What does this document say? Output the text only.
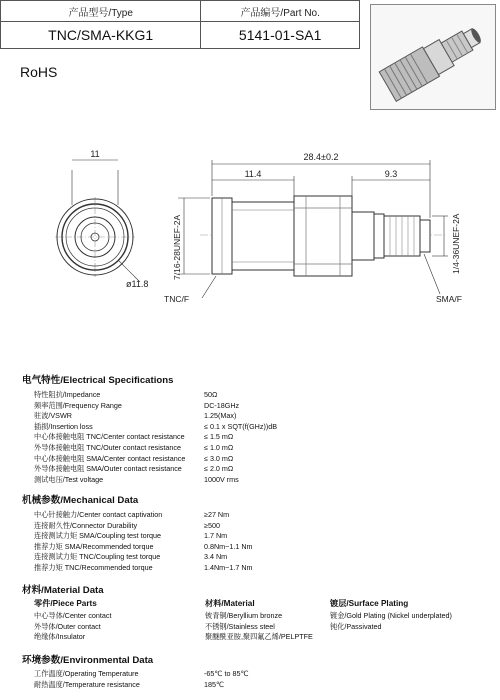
产品型号/Type	产品编号/Part No.
TNC/SMA-KKG1	5141-01-SA1
RoHS
11
ø11.8
28.4±0.2
11.4	9.3
7/16-28UNEF-2A	1/4-36UNEF-2A
TNC/F	SMA/F
电气特性/Electrical Specifications
特性阻抗/Impedance	50Ω
频率范围/Frequency Range	DC-18GHz
驻波/VSWR	1.25(Max)
插损/Insertion loss	≤ 0.1 x SQT(f(GHz))dB
中心体接触电阻 TNC/Center contact resistance	≤ 1.5 mΩ
外导体接触电阻 TNC/Outer contact resistance	≤ 1.0 mΩ
中心体接触电阻 SMA/Center contact resistance	≤ 3.0 mΩ
外导体接触电阻 SMA/Outer contact resistance	≤ 2.0 mΩ
测试电压/Test voltage	1000V rms
机械参数/Mechanical Data
中心针接触力/Center contact captivation	≥27 Nm
连接耐久性/Connector Durability	≥500
连接测试力矩 SMA/Coupling test torque	1.7 Nm
推荐力矩 SMA/Recommended torque	0.8Nm~1.1 Nm
连接测试力矩 TNC/Coupling test torque	3.4 Nm
推荐力矩 TNC/Recommended torque	1.4Nm~1.7 Nm
材料/Material Data
零件/Piece Parts	材料/Material	镀层/Surface Plating
中心导体/Center contact	铍青铜/Beryllium bronze	镀金/Gold Plating (Nickel underplated)
外导体/Outer contact	不锈钢/Stainless steel	钝化/Passivated
绝缘体/Insulator	聚醚酰亚胺,聚四氟乙烯/PELPTFE
环境参数/Environmental Data
工作温度/Operating Temperature	-65℃ to 85℃
耐热温度/Temperature resistance	185℃
